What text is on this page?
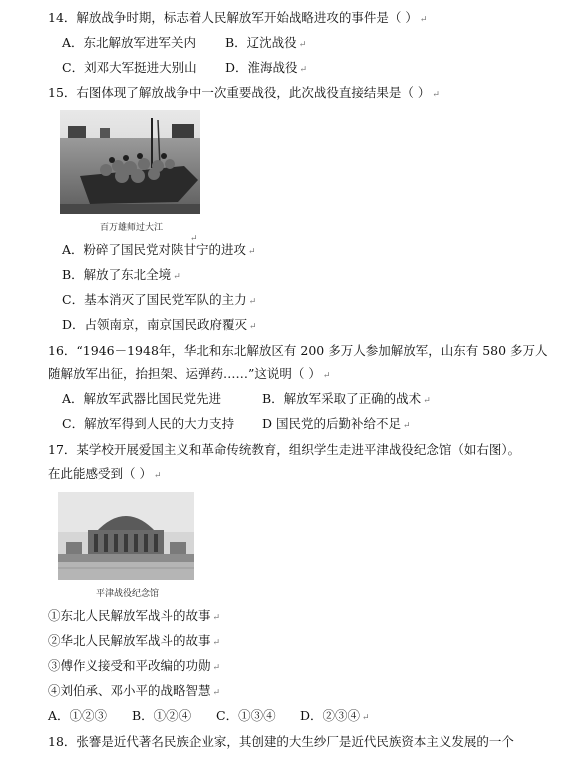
14．解放战争时期，标志着人民解放军开始战略进攻的事件是（ ） ↵
A．东北解放军进军关内 B．辽沈战役 ↵
C．刘邓大军挺进大别山 D．淮海战役 ↵
15．右图体现了解放战争中一次重要战役，此次战役直接结果是（ ） ↵
百万雄师过大江
↵
A．粉碎了国民党对陕甘宁的进攻 ↵
B．解放了东北全境 ↵
C．基本消灭了国民党军队的主力 ↵
D．占领南京，南京国民政府覆灭 ↵
16．“1946－1948年，华北和东北解放区有 200 多万人参加解放军，山东有 580 多万人
随解放军出征，抬担架、运弹药……”这说明（ ） ↵
A．解放军武器比国民党先进	B．解放军采取了正确的战术 ↵
C．解放军得到人民的大力支持 D 国民党的后勤补给不足 ↵
17．某学校开展爱国主义和革命传统教育，组织学生走进平津战役纪念馆（如右图）。
在此能感受到（ ） ↵
平津战役纪念馆
①东北人民解放军战斗的故事 ↵
②华北人民解放军战斗的故事 ↵
③傅作义接受和平改编的功勋 ↵
④刘伯承、邓小平的战略智慧 ↵
A．①②③ B．①②④ C．①③④ D．②③④ ↵
18．张謇是近代著名民族企业家，其创建的大生纱厂是近代民族资本主义发展的一个
